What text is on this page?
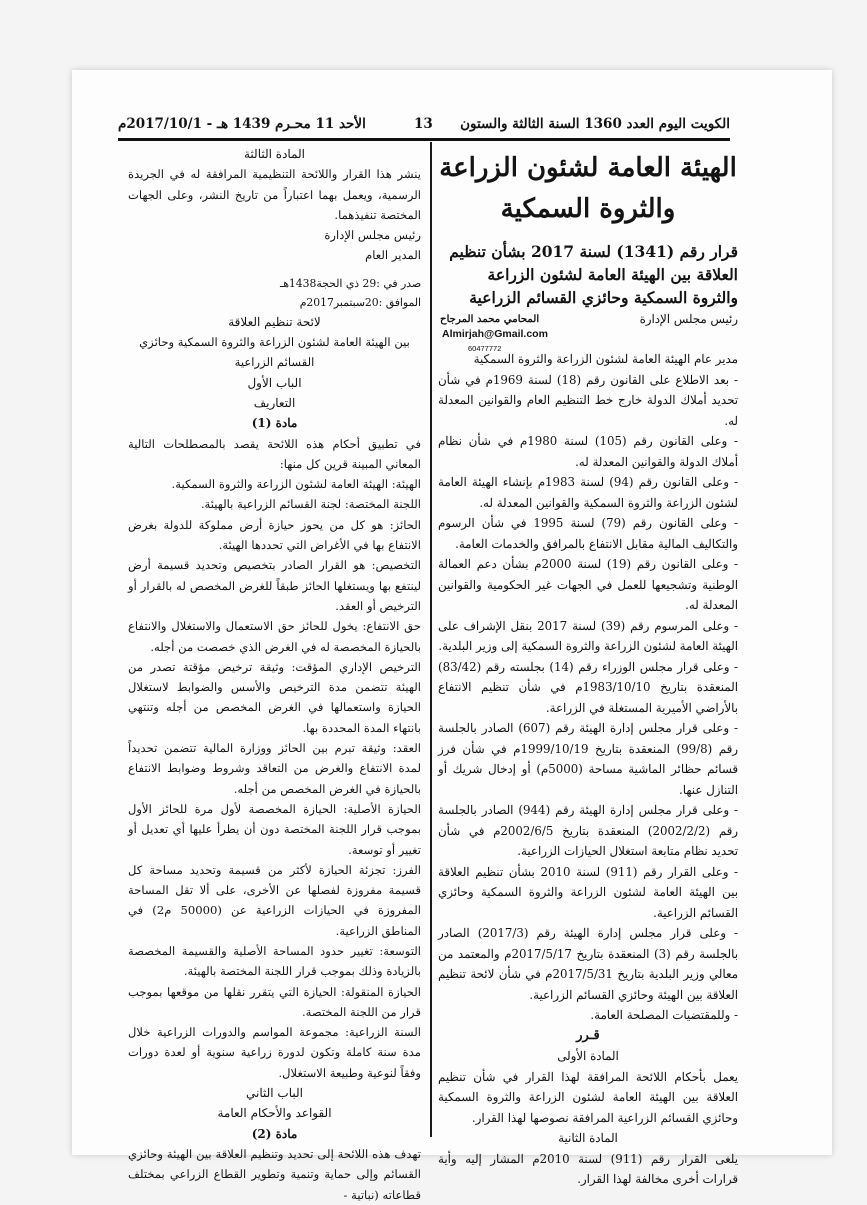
الكويت اليوم العدد 1360 السنة الثالثة والستون
13
الأحد 11 محـرم 1439 هـ - 2017/10/1م

الهيئة العامة لشئون الزراعة والثروة السمكية

قرار رقم (1341) لسنة 2017 بشأن تنظيم العلاقة بين الهيئة العامة لشئون الزراعة والثروة السمكية وحائزي القسائم الزراعية

رئيس مجلس الإدارة
المحامي محمد المرجاح
Almirjah@Gmail.com
60477772

مدير عام الهيئة العامة لشئون الزراعة والثروة السمكية

- بعد الاطلاع على القانون رقم (18) لسنة 1969م في شأن تحديد أملاك الدولة خارج خط التنظيم العام والقوانين المعدلة له.

- وعلى القانون رقم (105) لسنة 1980م في شأن نظام أملاك الدولة والقوانين المعدلة له.

- وعلى القانون رقم (94) لسنة 1983م بإنشاء الهيئة العامة لشئون الزراعة والثروة السمكية والقوانين المعدلة له.

- وعلى القانون رقم (79) لسنة 1995 في شأن الرسوم والتكاليف المالية مقابل الانتفاع بالمرافق والخدمات العامة.

- وعلى القانون رقم (19) لسنة 2000م بشأن دعم العمالة الوطنية وتشجيعها للعمل في الجهات غير الحكومية والقوانين المعدلة له.

- وعلى المرسوم رقم (39) لسنة 2017 بنقل الإشراف على الهيئة العامة لشئون الزراعة والثروة السمكية إلى وزير البلدية.

- وعلى قرار مجلس الوزراء رقم (14) بجلسته رقم (83/42) المنعقدة بتاريخ 1983/10/10م في شأن تنظيم الانتفاع بالأراضي الأميرية المستغلة في الزراعة.

- وعلى قرار مجلس إدارة الهيئة رقم (607) الصادر بالجلسة رقم (99/8) المنعقدة بتاريخ 1999/10/19م في شأن فرز قسائم حظائر الماشية مساحة (5000م) أو إدخال شريك أو التنازل عنها.

- وعلى قرار مجلس إدارة الهيئة رقم (944) الصادر بالجلسة رقم (2002/2/2) المنعقدة بتاريخ 2002/6/5م في شأن تحديد نظام متابعة استغلال الحيازات الزراعية.

- وعلى القرار رقم (911) لسنة 2010 بشأن تنظيم العلاقة بين الهيئة العامة لشئون الزراعة والثروة السمكية وحائزي القسائم الزراعية.

- وعلى قرار مجلس إدارة الهيئة رقم (2017/3) الصادر بالجلسة رقم (3) المنعقدة بتاريخ 2017/5/17م والمعتمد من معالي وزير البلدية بتاريخ 2017/5/31م في شأن لائحة تنظيم العلاقة بين الهيئة وحائزي القسائم الزراعية.

- وللمقتضيات المصلحة العامة.

قـرر

المادة الأولى

يعمل بأحكام اللائحة المرافقة لهذا القرار في شأن تنظيم العلاقة بين الهيئة العامة لشئون الزراعة والثروة السمكية وحائزي القسائم الزراعية المرافقة نصوصها لهذا القرار.

المادة الثانية

يلغى القرار رقم (911) لسنة 2010م المشار إليه وأية قرارات أخرى مخالفة لهذا القرار.

المادة الثالثة

ينشر هذا القرار واللائحة التنظيمية المرافقة له في الجريدة الرسمية، ويعمل بهما اعتباراً من تاريخ النشر، وعلى الجهات المختصة تنفيذهما.

رئيس مجلس الإدارة

المدير العام

صدر في :29 ذي الحجة1438هـ

الموافق :20سبتمبر2017م

لائحة تنظيم العلاقة

بين الهيئة العامة لشئون الزراعة والثروة السمكية وحائزي القسائم الزراعية

الباب الأول

التعاريف

مادة (1)

في تطبيق أحكام هذه اللائحة يقصد بالمصطلحات التالية المعاني المبينة قرين كل منها:

الهيئة: الهيئة العامة لشئون الزراعة والثروة السمكية.

اللجنة المختصة: لجنة القسائم الزراعية بالهيئة.

الحائز: هو كل من يحوز حيازة أرض مملوكة للدولة بغرض الانتفاع بها في الأغراض التي تحددها الهيئة.

التخصيص: هو القرار الصادر بتخصيص وتحديد قسيمة أرض لينتفع بها ويستغلها الحائز طبقاً للغرض المخصص له بالقرار أو الترخيص أو العقد.

حق الانتفاع: يخول للحائز حق الاستعمال والاستغلال والانتفاع بالحيازة المخصصة له في الغرض الذي خصصت من أجله.

الترخيص الإداري المؤقت: وثيقة ترخيص مؤقتة تصدر من الهيئة تتضمن مدة الترخيص والأسس والضوابط لاستغلال الحيازة واستعمالها في الغرض المخصص من أجله وتنتهي بانتهاء المدة المحددة بها.

العقد: وثيقة تبرم بين الحائز ووزارة المالية تتضمن تحديداً لمدة الانتفاع والغرض من التعاقد وشروط وضوابط الانتفاع بالحيازة في الغرض المخصص من أجله.

الحيازة الأصلية: الحيازة المخصصة لأول مرة للحائز الأول بموجب قرار اللجنة المختصة دون أن يطرأ عليها أي تعديل أو تغيير أو توسعة.

الفرز: تجزئة الحيازة لأكثر من قسيمة وتحديد مساحة كل قسيمة مفروزة لفصلها عن الأخرى، على ألا تقل المساحة المفروزة في الحيازات الزراعية عن (50000 م2) في المناطق الزراعية.

التوسعة: تغيير حدود المساحة الأصلية والقسيمة المخصصة بالزيادة وذلك بموجب قرار اللجنة المختصة بالهيئة.

الحيازة المنقولة: الحيازة التي يتقرر نقلها من موقعها بموجب قرار من اللجنة المختصة.

السنة الزراعية: مجموعة المواسم والدورات الزراعية خلال مدة سنة كاملة وتكون لدورة زراعية سنوية أو لعدة دورات وفقاً لنوعية وطبيعة الاستغلال.

الباب الثاني

القواعد والأحكام العامة

مادة (2)

تهدف هذه اللائحة إلى تحديد وتنظيم العلاقة بين الهيئة وحائزي القسائم وإلى حماية وتنمية وتطوير القطاع الزراعي بمختلف قطاعاته (نباتية -
